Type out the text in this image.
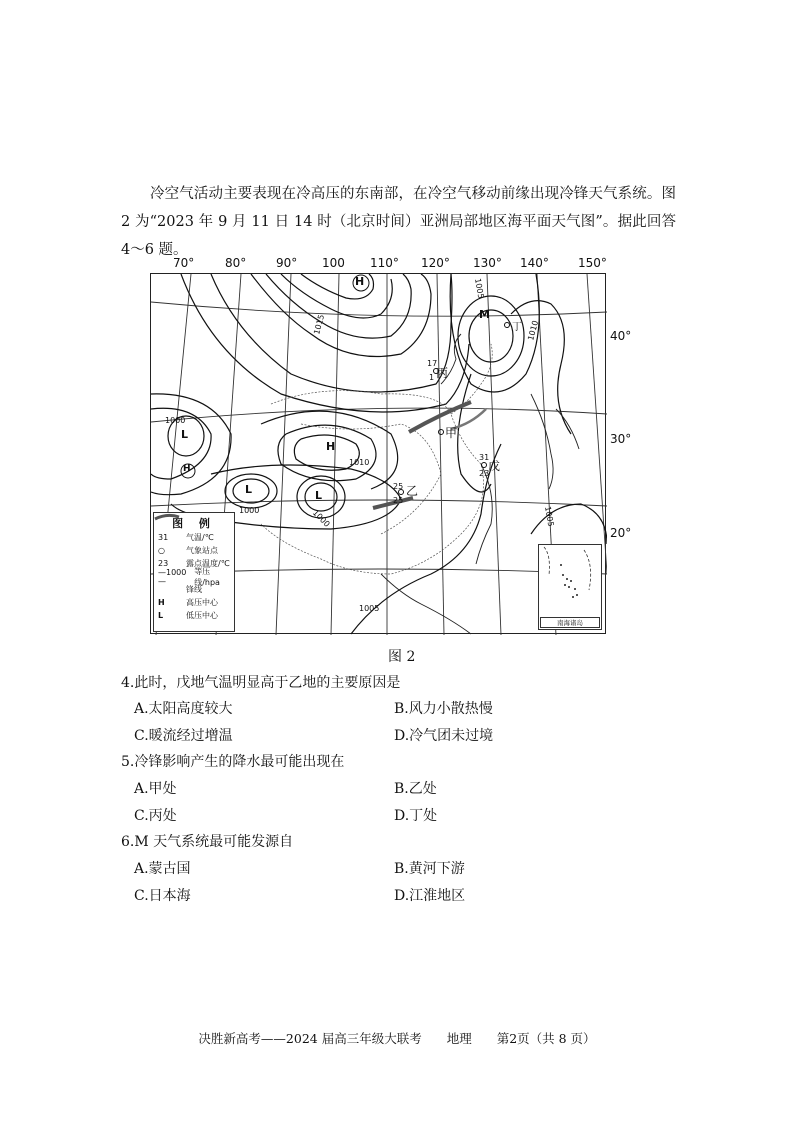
冷空气活动主要表现在冷高压的东南部，在冷空气移动前缘出现冷锋天气系统。图 2 为“2023 年 9 月 11 日 14 时（北京时间）亚洲局部地区海平面天气图”。据此回答 4～6 题。

70°	80° 90° 100 110° 120° 130° 140° 150°
40°
30°
20°
H
H
H
L
L	L
M
丙
甲
戊
乙
丁
17
1
31
23
25
25
1005
1015
1010
1010
1000
1000	1000	1005
1005
图 例
31	气温/℃
○	气象站点
23	露点温度/℃
—1000—
等压线/hpa
锋线
H	高压中心
L	低压中心
南海诸岛
图 2
4.此时，戊地气温明显高于乙地的主要原因是
A.太阳高度较大	B.风力小散热慢
C.暖流经过增温	D.冷气团未过境
5.冷锋影响产生的降水最可能出现在
A.甲处	B.乙处
C.丙处	D.丁处
6.M 天气系统最可能发源自
A.蒙古国	B.黄河下游
C.日本海	D.江淮地区
决胜新高考——2024 届高三年级大联考　　地理　　第2页（共 8 页）
